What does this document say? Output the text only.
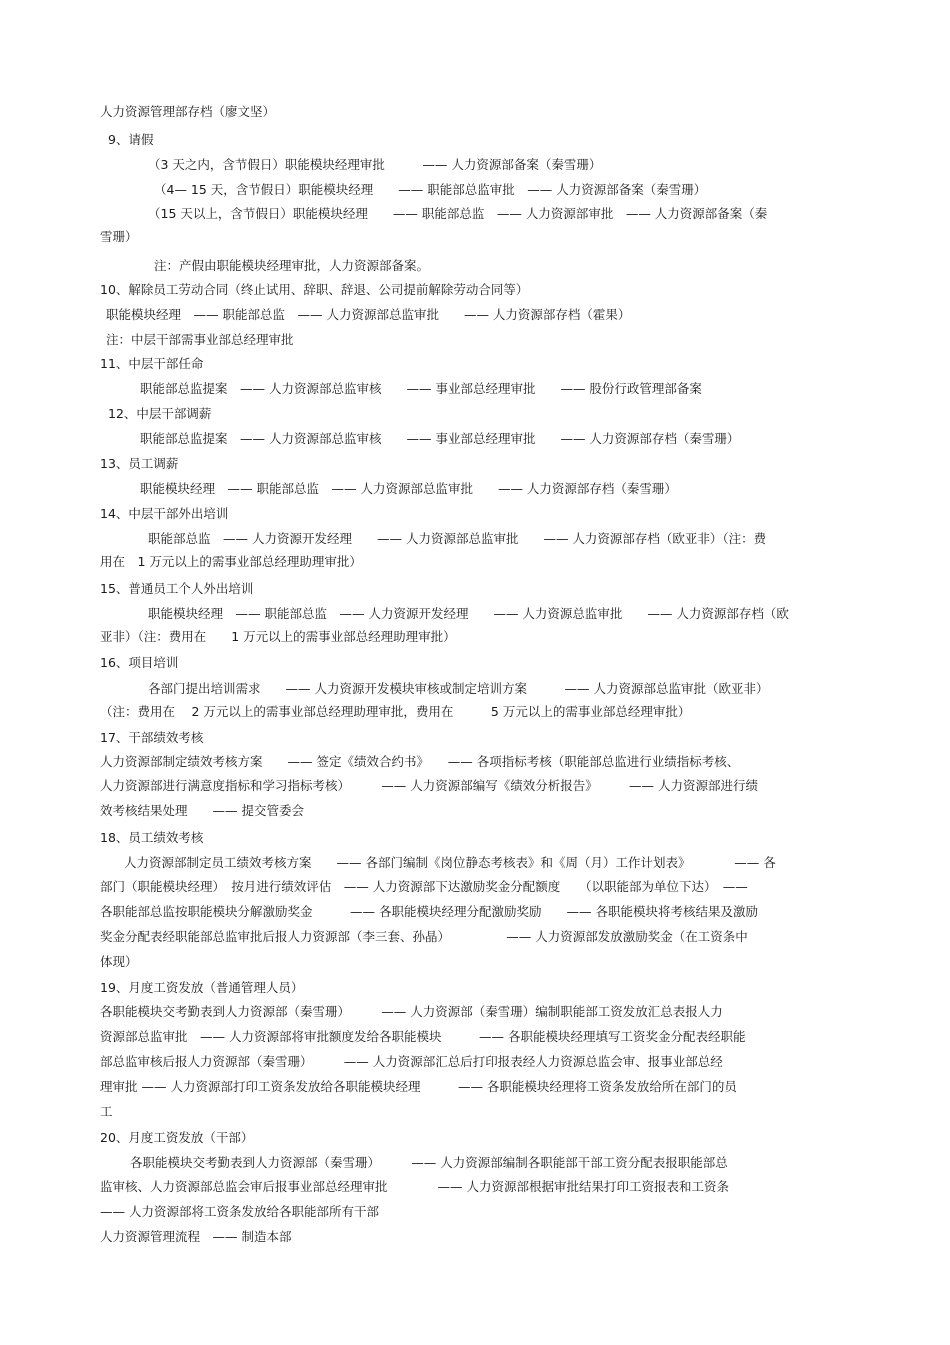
人力资源管理部存档（廖文坚）
9、请假
（3 天之内，含节假日）职能模块经理审批　　　—— 人力资源部备案（秦雪珊）
（4— 15 天，含节假日）职能模块经理　　—— 职能部总监审批　—— 人力资源部备案（秦雪珊）
（15 天以上，含节假日）职能模块经理　　—— 职能部总监　—— 人力资源部审批　—— 人力资源部备案（秦
雪珊）
注：产假由职能模块经理审批，人力资源部备案。
10、解除员工劳动合同（终止试用、辞职、辞退、公司提前解除劳动合同等）
职能模块经理　—— 职能部总监　—— 人力资源部总监审批　　—— 人力资源部存档（霍果）
注：中层干部需事业部总经理审批
11、中层干部任命
职能部总监提案　—— 人力资源部总监审核　　—— 事业部总经理审批　　—— 股份行政管理部备案
12、中层干部调薪
职能部总监提案　—— 人力资源部总监审核　　—— 事业部总经理审批　　—— 人力资源部存档（秦雪珊）
13、员工调薪
职能模块经理　—— 职能部总监　—— 人力资源部总监审批　　—— 人力资源部存档（秦雪珊）
14、中层干部外出培训
职能部总监　—— 人力资源开发经理　　—— 人力资源部总监审批　　—— 人力资源部存档（欧亚非）（注：费
用在　1 万元以上的需事业部总经理助理审批）
15、普通员工个人外出培训
职能模块经理　—— 职能部总监　—— 人力资源开发经理　　—— 人力资源总监审批　　—— 人力资源部存档（欧
亚非）（注：费用在　　1 万元以上的需事业部总经理助理审批）
16、项目培训
各部门提出培训需求　　—— 人力资源开发模块审核或制定培训方案　　　—— 人力资源部总监审批（欧亚非）
（注：费用在　 2 万元以上的需事业部总经理助理审批，费用在　　　5 万元以上的需事业部总经理审批）
17、干部绩效考核
人力资源部制定绩效考核方案　　—— 签定《绩效合约书》　　—— 各项指标考核（职能部总监进行业绩指标考核、
人力资源部进行满意度指标和学习指标考核）　　　—— 人力资源部编写《绩效分析报告》　　　—— 人力资源部进行绩
效考核结果处理　　—— 提交管委会
18、员工绩效考核
人力资源部制定员工绩效考核方案　　—— 各部门编制《岗位静态考核表》和《周（月）工作计划表》　　　　—— 各
部门（职能模块经理）　按月进行绩效评估　—— 人力资源部下达激励奖金分配额度　　（以职能部为单位下达）　——
各职能部总监按职能模块分解激励奖金　　　—— 各职能模块经理分配激励奖励　　—— 各职能模块将考核结果及激励
奖金分配表经职能部总监审批后报人力资源部（李三套、孙晶）　　　　　—— 人力资源部发放激励奖金（在工资条中
体现）
19、月度工资发放（普通管理人员）
各职能模块交考勤表到人力资源部（秦雪珊）　　　—— 人力资源部（秦雪珊）编制职能部工资发放汇总表报人力
资源部总监审批　—— 人力资源部将审批额度发给各职能模块　　　—— 各职能模块经理填写工资奖金分配表经职能
部总监审核后报人力资源部（秦雪珊）　　　—— 人力资源部汇总后打印报表经人力资源总监会审、报事业部总经
理审批 —— 人力资源部打印工资条发放给各职能模块经理　　　—— 各职能模块经理将工资条发放给所在部门的员
工
20、月度工资发放（干部）
各职能模块交考勤表到人力资源部（秦雪珊）　　　—— 人力资源部编制各职能部干部工资分配表报职能部总
监审核、人力资源部总监会审后报事业部总经理审批　　　　—— 人力资源部根据审批结果打印工资报表和工资条
—— 人力资源部将工资条发放给各职能部所有干部
人力资源管理流程　—— 制造本部
